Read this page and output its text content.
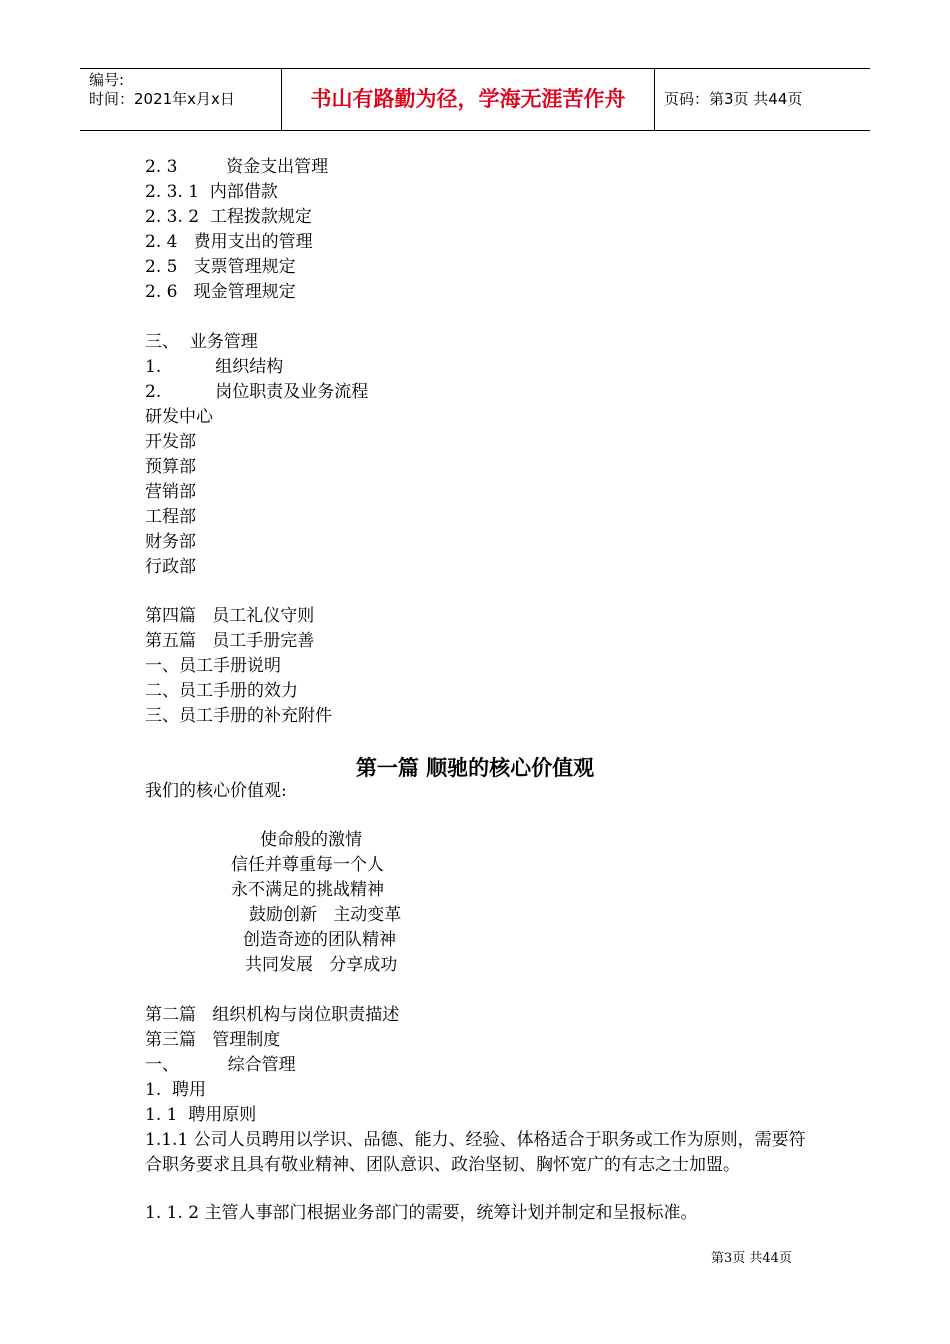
编号:
时间：2021年x月x日	书山有路勤为径，学海无涯苦作舟	页码：第3页 共44页
2. 3         资金支出管理
2. 3. 1  内部借款
2. 3. 2  工程拨款规定
2. 4   费用支出的管理
2. 5   支票管理规定
2. 6   现金管理规定
三、  业务管理
1.          组织结构
2.          岗位职责及业务流程
研发中心
开发部
预算部
营销部
工程部
财务部
行政部
第四篇   员工礼仪守则
第五篇   员工手册完善
一、员工手册说明
二、员工手册的效力
三、员工手册的补充附件
第一篇 顺驰的核心价值观
我们的核心价值观:
使命般的激情
信任并尊重每一个人
永不满足的挑战精神
鼓励创新   主动变革
创造奇迹的团队精神
共同发展   分享成功
第二篇   组织机构与岗位职责描述
第三篇   管理制度
一、         综合管理
1.  聘用
1. 1  聘用原则
1.1.1 公司人员聘用以学识、品德、能力、经验、体格适合于职务或工作为原则，需要符合职务要求且具有敬业精神、团队意识、政治坚韧、胸怀宽广的有志之士加盟。
1. 1. 2 主管人事部门根据业务部门的需要，统筹计划并制定和呈报标准。
第3页 共44页
